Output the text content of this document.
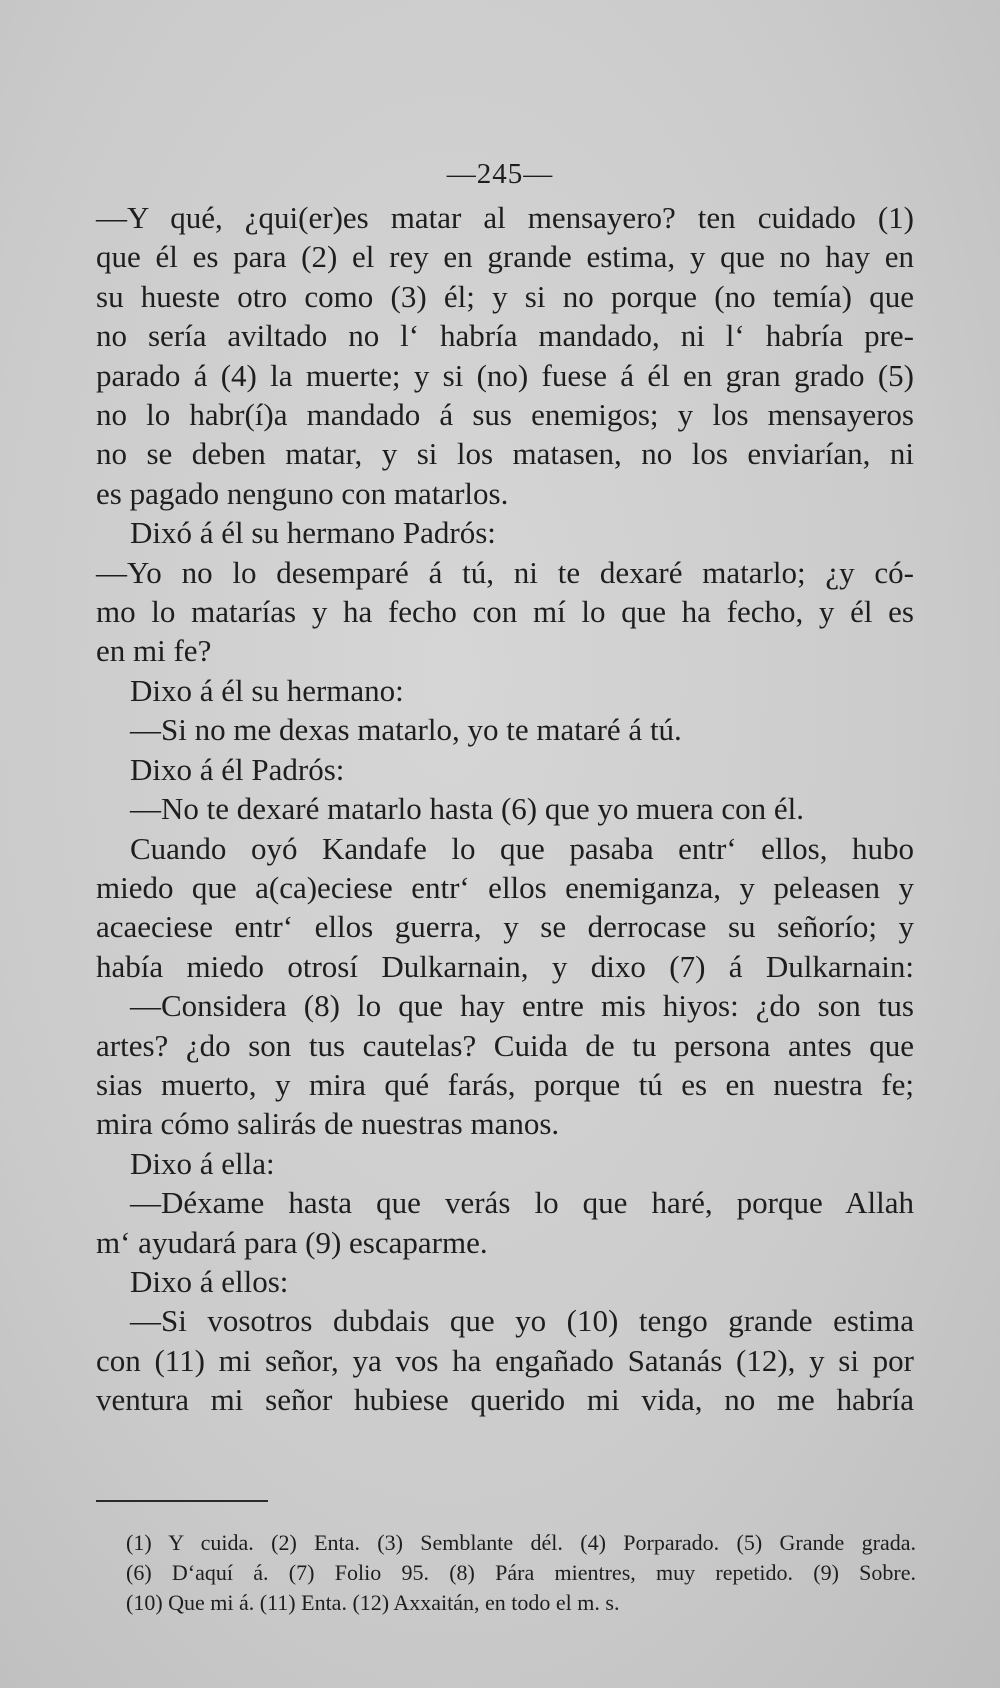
—245—

—Y qué, ¿qui(er)es matar al mensayero? ten cuidado (1)

que él es para (2) el rey en grande estima, y que no hay en

su hueste otro como (3) él; y si no porque (no temía) que

no sería aviltado no l‘ habría mandado, ni l‘ habría pre-

parado á (4) la muerte; y si (no) fuese á él en gran grado (5)

no lo habr(í)a mandado á sus enemigos; y los mensayeros

no se deben matar, y si los matasen, no los enviarían, ni

es pagado nenguno con matarlos.

Dixó á él su hermano Padrós:

—Yo no lo desemparé á tú, ni te dexaré matarlo; ¿y có-

mo lo matarías y ha fecho con mí lo que ha fecho, y él es

en mi fe?

Dixo á él su hermano:

—Si no me dexas matarlo, yo te mataré á tú.

Dixo á él Padrós:

—No te dexaré matarlo hasta (6) que yo muera con él.

Cuando oyó Kandafe lo que pasaba entr‘ ellos, hubo

miedo que a(ca)eciese entr‘ ellos enemiganza, y peleasen y

acaeciese entr‘ ellos guerra, y se derrocase su señorío; y

había miedo otrosí Dulkarnain, y dixo (7) á Dulkarnain:

—Considera (8) lo que hay entre mis hiyos: ¿do son tus

artes? ¿do son tus cautelas? Cuida de tu persona antes que

sias muerto, y mira qué farás, porque tú es en nuestra fe;

mira cómo salirás de nuestras manos.

Dixo á ella:

—Déxame hasta que verás lo que haré, porque Allah

m‘ ayudará para (9) escaparme.

Dixo á ellos:

—Si vosotros dubdais que yo (10) tengo grande estima

con (11) mi señor, ya vos ha engañado Satanás (12), y si por

ventura mi señor hubiese querido mi vida, no me habría

(1) Y cuida. (2) Enta. (3) Semblante dél. (4) Porparado. (5) Grande grada.

(6) D‘aquí á. (7) Folio 95. (8) Pára mientres, muy repetido. (9) Sobre.

(10) Que mi á. (11) Enta. (12) Axxaitán, en todo el m. s.
